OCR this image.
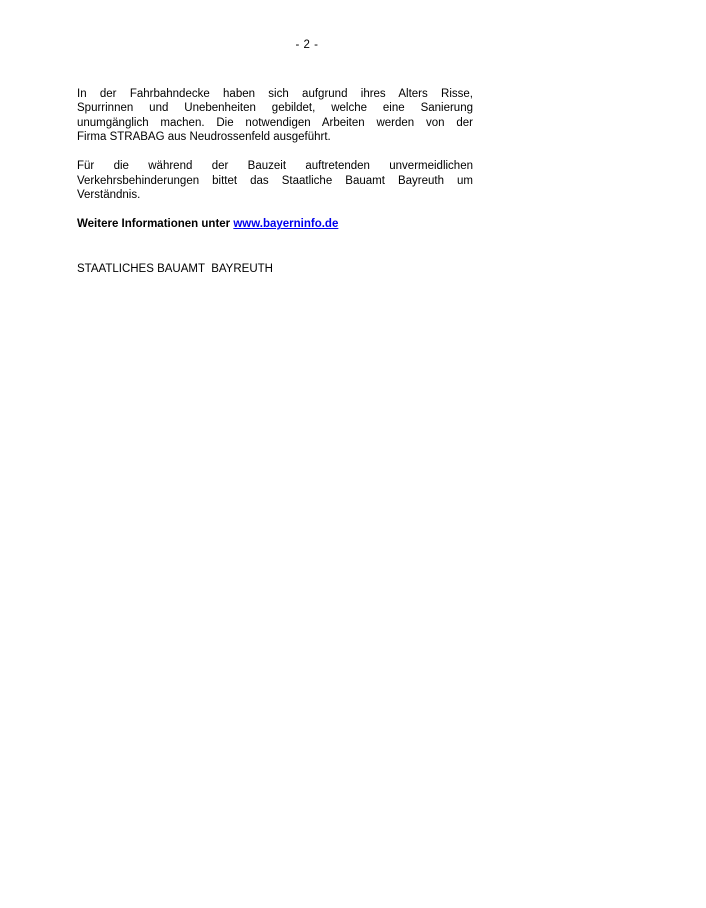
- 2 -
In der Fahrbahndecke haben sich aufgrund ihres Alters Risse,
Spurrinnen und Unebenheiten gebildet, welche eine Sanierung
unumgänglich machen. Die notwendigen Arbeiten werden von der
Firma STRABAG aus Neudrossenfeld ausgeführt.
Für die während der Bauzeit auftretenden unvermeidlichen
Verkehrsbehinderungen bittet das Staatliche Bauamt Bayreuth um
Verständnis.

Weitere Informationen unter www.bayerninfo.de

STAATLICHES BAUAMT  BAYREUTH
